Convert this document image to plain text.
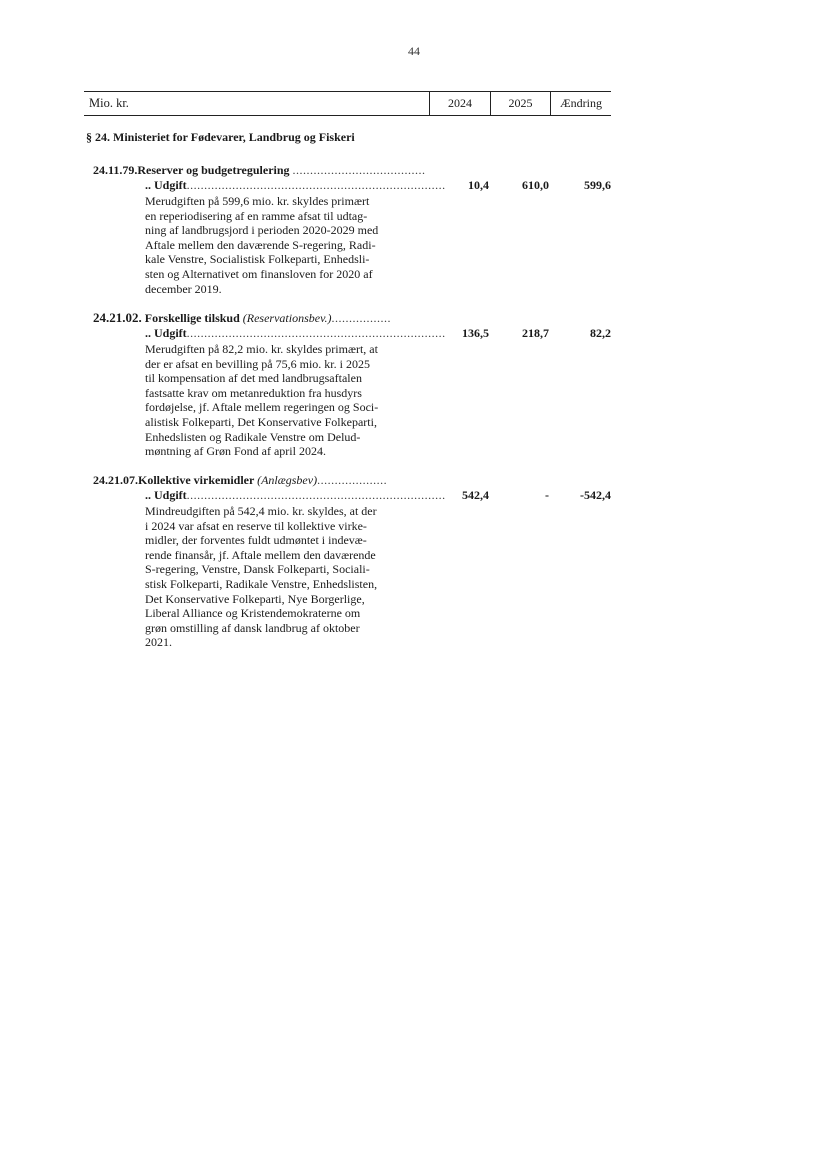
44
Mio. kr.	2024	2025	Ændring
§ 24. Ministeriet for Fødevarer, Landbrug og Fiskeri
24.11.79.Reserver og budgetregulering ......................................
.. Udgift..........................................................................	10,4	610,0	599,6
Merudgiften på 599,6 mio. kr. skyldes primært
en reperiodisering af en ramme afsat til udtag-
ning af landbrugsjord i perioden 2020-2029 med
Aftale mellem den daværende S-regering, Radi-
kale Venstre, Socialistisk Folkeparti, Enhedsli-
sten og Alternativet om finansloven for 2020 af
december 2019.
24.21.02. Forskellige tilskud (Reservationsbev.).................
.. Udgift..........................................................................	136,5	218,7	82,2
Merudgiften på 82,2 mio. kr. skyldes primært, at
der er afsat en bevilling på 75,6 mio. kr. i 2025
til kompensation af det med landbrugsaftalen
fastsatte krav om metanreduktion fra husdyrs
fordøjelse, jf. Aftale mellem regeringen og Soci-
alistisk Folkeparti, Det Konservative Folkeparti,
Enhedslisten og Radikale Venstre om Delud-
møntning af Grøn Fond af april 2024.
24.21.07.Kollektive virkemidler (Anlægsbev)....................
.. Udgift..........................................................................	542,4	-	-542,4
Mindreudgiften på 542,4 mio. kr. skyldes, at der
i 2024 var afsat en reserve til kollektive virke-
midler, der forventes fuldt udmøntet i indevæ-
rende finansår, jf. Aftale mellem den daværende
S-regering, Venstre, Dansk Folkeparti, Sociali-
stisk Folkeparti, Radikale Venstre, Enhedslisten,
Det Konservative Folkeparti, Nye Borgerlige,
Liberal Alliance og Kristendemokraterne om
grøn omstilling af dansk landbrug af oktober
2021.
